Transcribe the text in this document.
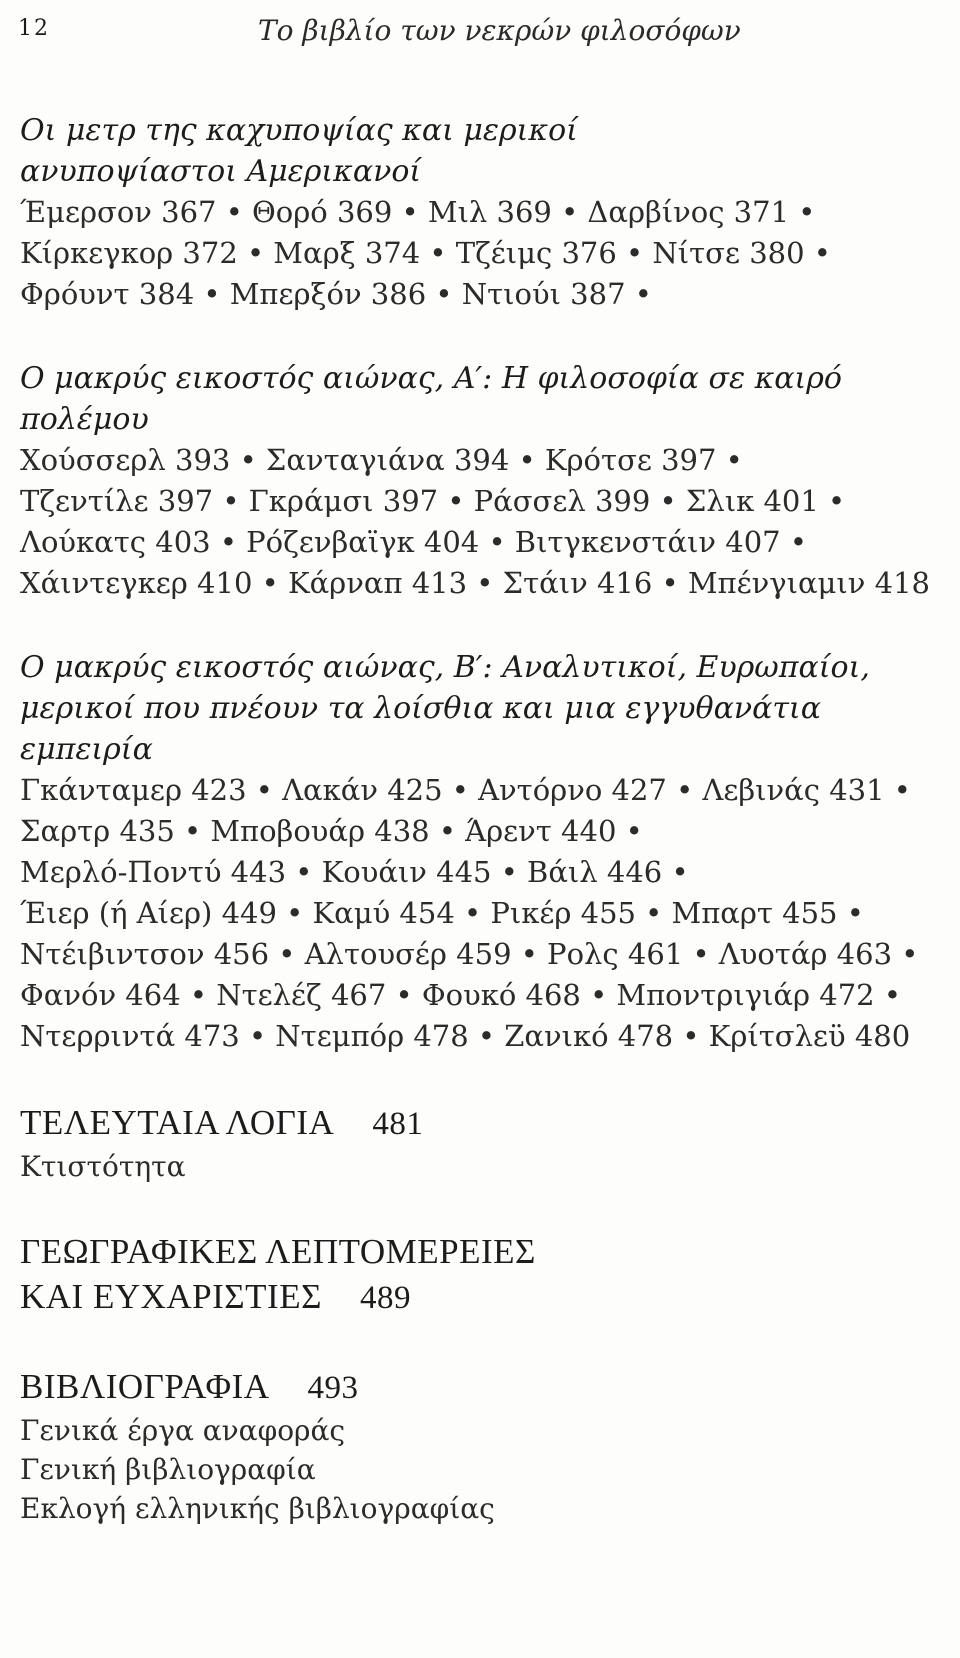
12	Το βιβλίο των νεκρών φιλοσόφων
Οι μετρ της καχυποψίας και μερικοί
ανυποψίαστοι Αμερικανοί
Έμερσον 367 • Θορό 369 • Μιλ 369 • Δαρβίνος 371 •
Κίρκεγκορ 372 • Μαρξ 374 • Τζέιμς 376 • Νίτσε 380 •
Φρόυντ 384 • Μπερξόν 386 • Ντιούι 387 •
Ο μακρύς εικοστός αιώνας, Α′: Η φιλοσοφία σε καιρό
πολέμου
Χούσσερλ 393 • Σανταγιάνα 394 • Κρότσε 397 •
Τζεντίλε 397 • Γκράμσι 397 • Ράσσελ 399 • Σλικ 401 •
Λούκατς 403 • Ρόζενβαϊγκ 404 • Βιτγκενστάιν 407 •
Χάιντεγκερ 410 • Κάρναπ 413 • Στάιν 416 • Μπένγιαμιν 418
Ο μακρύς εικοστός αιώνας, Β′: Αναλυτικοί, Ευρωπαίοι,
μερικοί που πνέουν τα λοίσθια και μια εγγυθανάτια
εμπειρία
Γκάνταμερ 423 • Λακάν 425 • Αντόρνο 427 • Λεβινάς 431 •
Σαρτρ 435 • Μποβουάρ 438 • Άρεντ 440 •
Μερλό-Ποντύ 443 • Κουάιν 445 • Βάιλ 446 •
Έιερ (ή Αίερ) 449 • Καμύ 454 • Ρικέρ 455 • Μπαρτ 455 •
Ντέιβιντσον 456 • Αλτουσέρ 459 • Ρολς 461 • Λυοτάρ 463 •
Φανόν 464 • Ντελέζ 467 • Φουκό 468 • Μποντριγιάρ 472 •
Ντερριντά 473 • Ντεμπόρ 478 • Ζανικό 478 • Κρίτσλεϋ 480
ΤΕΛΕΥΤΑΙΑ ΛΟΓΙΑ 481
Κτιστότητα
ΓΕΩΓΡΑΦΙΚΕΣ ΛΕΠΤΟΜΕΡΕΙΕΣ
ΚΑΙ ΕΥΧΑΡΙΣΤΙΕΣ 489
ΒΙΒΛΙΟΓΡΑΦΙΑ 493
Γενικά έργα αναφοράς
Γενική βιβλιογραφία
Εκλογή ελληνικής βιβλιογραφίας
